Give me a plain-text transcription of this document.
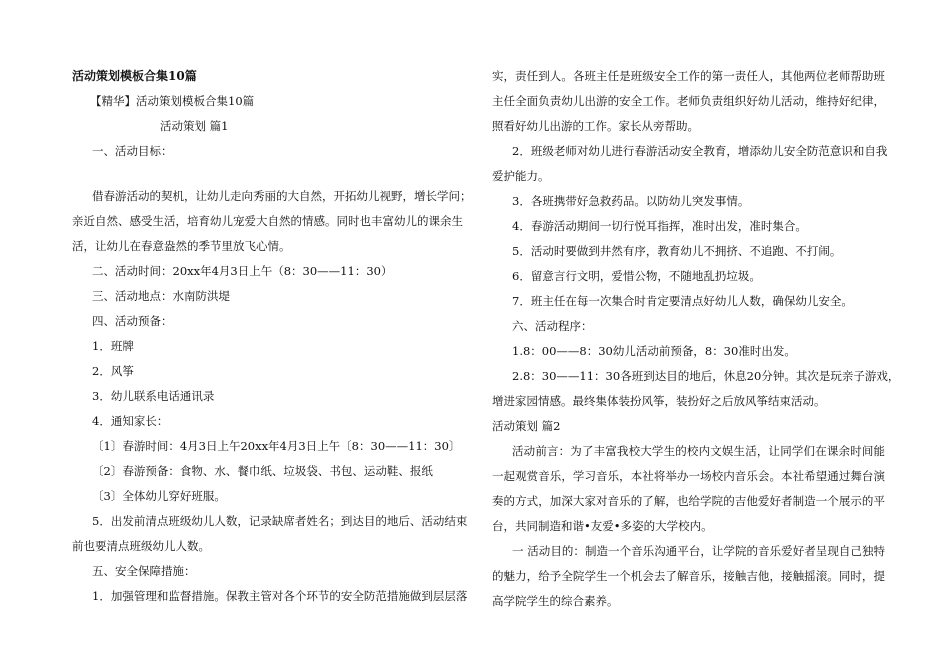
活动策划模板合集10篇
【精华】活动策划模板合集10篇
活动策划 篇1
一、活动目标：
借春游活动的契机，让幼儿走向秀丽的大自然，开拓幼儿视野，增长学问；
亲近自然、感受生活，培育幼儿宠爱大自然的情感。同时也丰富幼儿的课余生
活，让幼儿在春意盎然的季节里放飞心情。
二、活动时间：20xx年4月3日上午（8：30——11：30）
三、活动地点：水南防洪堤
四、活动预备：
1．班牌
2．风筝
3．幼儿联系电话通讯录
4．通知家长：
〔1〕春游时间：4月3日上午20xx年4月3日上午〔8：30——11：30〕
〔2〕春游预备：食物、水、餐巾纸、垃圾袋、书包、运动鞋、报纸
〔3〕全体幼儿穿好班服。
5．出发前清点班级幼儿人数，记录缺席者姓名；到达目的地后、活动结束
前也要清点班级幼儿人数。
五、安全保障措施：
1．加强管理和监督措施。保教主管对各个环节的安全防范措施做到层层落
实，责任到人。各班主任是班级安全工作的第一责任人，其他两位老师帮助班
主任全面负责幼儿出游的安全工作。老师负责组织好幼儿活动，维持好纪律，
照看好幼儿出游的工作。家长从旁帮助。
2．班级老师对幼儿进行春游活动安全教育，增添幼儿安全防范意识和自我
爱护能力。
3．各班携带好急救药品。以防幼儿突发事情。
4．春游活动期间一切行悦耳指挥，准时出发，准时集合。
5．活动时要做到井然有序，教育幼儿不拥挤、不追跑、不打闹。
6．留意言行文明，爱惜公物，不随地乱扔垃圾。
7．班主任在每一次集合时肯定要清点好幼儿人数，确保幼儿安全。
六、活动程序：
1.8：00——8：30幼儿活动前预备，8：30准时出发。
2.8：30——11：30各班到达目的地后，休息20分钟。其次是玩亲子游戏，
增进家园情感。最终集体装扮风筝，装扮好之后放风筝结束活动。
活动策划 篇2
活动前言：为了丰富我校大学生的校内文娱生活，让同学们在课余时间能
一起观赏音乐，学习音乐，本社将举办一场校内音乐会。本社希望通过舞台演
奏的方式，加深大家对音乐的了解，也给学院的吉他爱好者制造一个展示的平
台，共同制造和谐•友爱•多姿的大学校内。
一 活动目的：制造一个音乐沟通平台，让学院的音乐爱好者呈现自己独特
的魅力，给予全院学生一个机会去了解音乐，接触吉他，接触摇滚。同时，提
高学院学生的综合素养。
